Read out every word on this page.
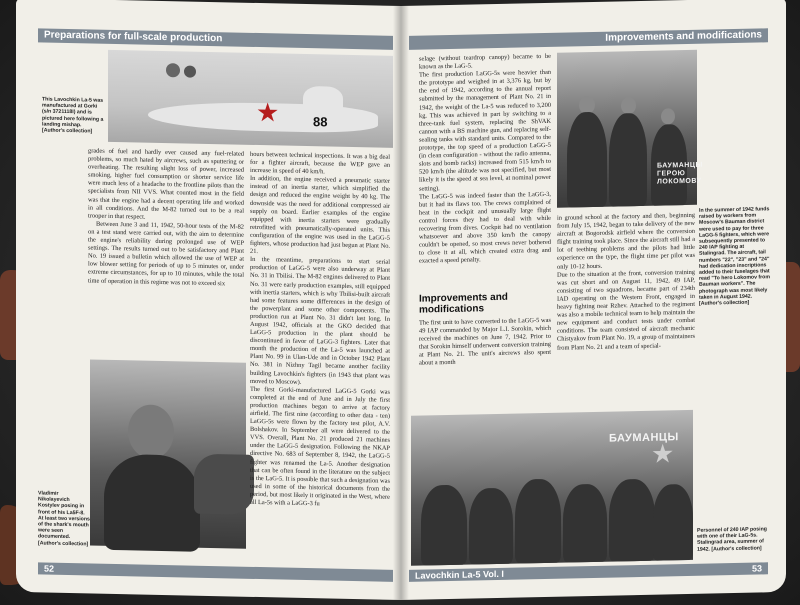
Preparations for full-scale production
★	88
This Lavochkin La-5 was manufactured at Gorki (s/n 3721118I) and is pictured here following a landing mishap. [Author's collection]
grades of fuel and hardly ever caused any fuel-related problems, so much hated by aircrews, such as sputtering or overheating. The resulting slight loss of power, increased smoking, higher fuel consumption or shorter service life were much less of a headache to the frontline pilots than the specialists from NII VVS. What counted most in the field was that the engine had a decent operating life and worked in all conditions. And the M-82 turned out to be a real trooper in that respect.
Between June 3 and 11, 1942, 50-hour tests of the M-82 on a test stand were carried out, with the aim to determine the engine's reliability during prolonged use of WEP settings. The results turned out to be satisfactory and Plant No. 19 issued a bulletin which allowed the use of WEP at low blower setting for periods of up to 5 minutes or, under extreme circumstances, for up to 10 minutes, while the total time of operation in this regime was not to exceed six
Vladimir Nikolayevich Kostylev posing in front of his La5F-8. At least two versions of the shark's mouth were seen documented. [Author's collection]
hours between technical inspections. It was a big deal for a fighter aircraft, because the WEP gave an increase in speed of 40 km/h.
In addition, the engine received a pneumatic starter instead of an inertia starter, which simplified the design and reduced the engine weight by 40 kg. The downside was the need for additional compressed air supply on board. Earlier examples of the engine equipped with inertia starters were gradually retrofitted with pneumatically-operated units. This configuration of the engine was used in the LaGG-5 fighters, whose production had just begun at Plant No. 21.
In the meantime, preparations to start serial production of LaGG-5 were also underway at Plant No. 31 in Tbilisi. The M-82 engines delivered to Plant No. 31 were early production examples, still equipped with inertia starters, which is why Tbilisi-built aircraft had some features some differences in the design of the powerplant and some other components. The production run at Plant No. 31 didn't last long. In August 1942, officials at the GKO decided that LaGG-5 production in the plant should be discontinued in favor of LaGG-3 fighters. Later that month the production of the La-5 was launched at Plant No. 99 in Ulan-Ude and in October 1942 Plant No. 381 in Nizhny Tagil became another facility building Lavochkin's fighters (in 1943 that plant was moved to Moscow).
The first Gorki-manufactured LaGG-5 Gorki was completed at the end of June and in July the first production machines began to arrive at factory airfield. The first nine (according to other data - ten) LaGG-5s were flown by the factory test pilot, A.V. Bolshakov. In September all were delivered to the VVS. Overall, Plant No. 21 produced 21 machines under the LaGG-5 designation. Following the NKAP directive No. 683 of September 8, 1942, the LaGG-5 fighter was renamed the La-5. Another designation that can be often found in the literature on the subject is the LaG-5. It is possible that such a designation was used in some of the historical documents from the period, but most likely it originated in the West, where all La-5s with a LaGG-3 fu
52
Improvements and modifications
selage (without teardrop canopy) became to be known as the LaG-5.
The first production LaGG-5s were heavier than the prototype and weighed in at 3,376 kg, but by the end of 1942, according to the annual report submitted by the management of Plant No. 21 in 1942, the weight of the La-5 was reduced to 3,200 kg. This was achieved in part by switching to a three-tank fuel system, replacing the ShVAK cannon with a BS machine gun, and replacing self-sealing tanks with standard units. Compared to the prototype, the top speed of a production LaGG-5 (in clean configuration - without the radio antenna, slots and bomb racks) increased from 515 km/h to 520 km/h (the altitude was not specified, but most likely it is the speed at sea level, at nominal power setting).
The LaGG-5 was indeed faster than the LaGG-3, but it had its flaws too. The crews complained of heat in the cockpit and unusually large flight control forces they had to deal with while recovering from dives. Cockpit had no ventilation whatsoever and above 350 km/h the canopy couldn't be opened, so most crews never bothered to close it at all, which created extra drag and exacted a speed penalty.
БАУМАНЦЫ ГЕРОЮ
ЛОКОМОВУ
In the summer of 1942 funds raised by workers from Moscow's Bauman district were used to pay for three LaGG-5 fighters, which were subsequently presented to 240 IAP fighting at Stalingrad. The aircraft, tail numbers "22", "23" and "24" had dedication inscriptions added to their fuselages that read "To hero Lokomov from Bauman workers". The photograph was most likely taken in August 1942. [Author's collection]
in ground school at the factory and then, beginning from July 15, 1942, began to take delivery of the new aircraft at Bogorodsk airfield where the conversion flight training took place. Since the aircraft still had a lot of teething problems and the pilots had little experience on the type, the flight time per pilot was only 10-12 hours.
Due to the situation at the front, conversion training was cut short and on August 11, 1942, 49 IAP, consisting of two squadrons, became part of 234th IAD operating on the Western Front, engaged in heavy fighting near Rzhev. Attached to the regiment was also a mobile technical team to help maintain the new equipment and conduct tests under combat conditions. The team consisted of aircraft mechanic Chistyakov from Plant No. 19, a group of maintainers from Plant No. 21 and a team of special-
Improvements and modifications
The first unit to have converted to the LaGG-5 was 49 IAP commanded by Major L.I. Sorokin, which received the machines on June 7, 1942. Prior to that Sorokin himself underwent conversion training at Plant No. 21. The unit's aircrews also spent about a month
БАУМАНЦЫ
★
Personnel of 240 IAP posing with one of their LaG-5s. Stalingrad area, summer of 1942. [Author's collection]
Lavochkin La-5 Vol. I
53
